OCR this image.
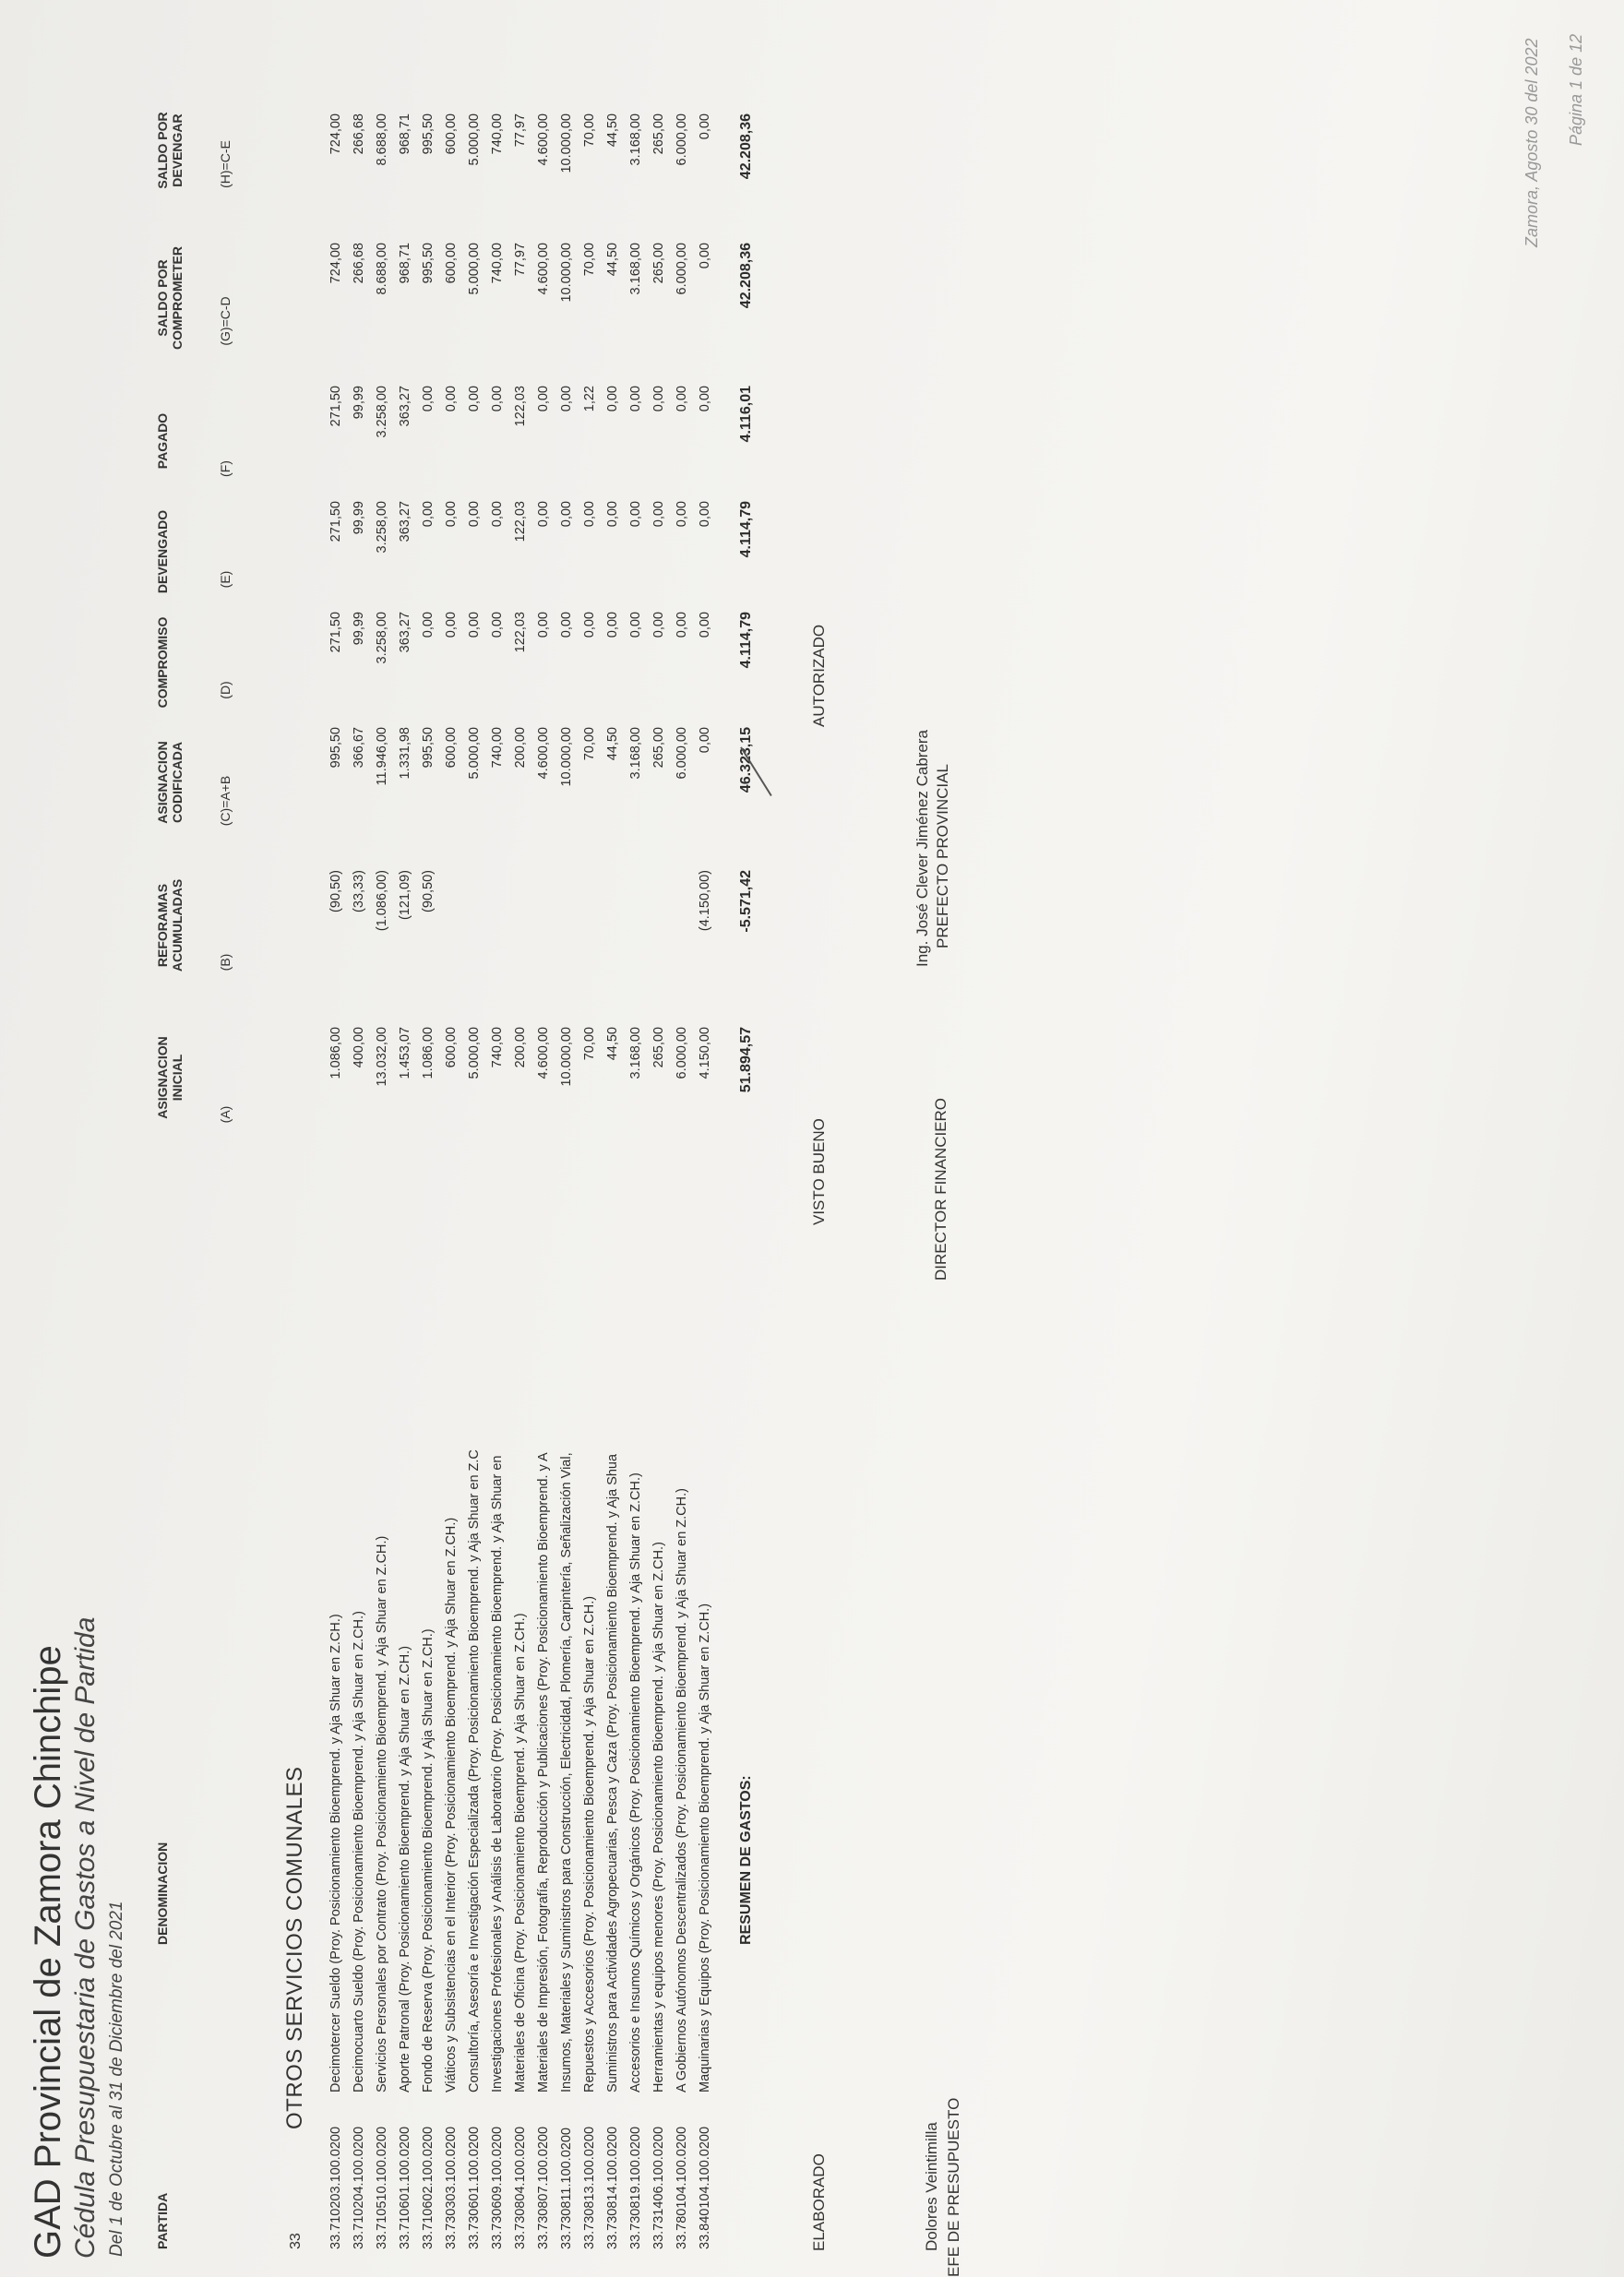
GAD Provincial de Zamora Chinchipe Cédula Presupuestaria de Gastos a Nivel de Partida Del 1 de Octubre al 31 de Diciembre del 2021
Página 1 de 12
Zamora, Agosto 30 del 2022
PARTIDA
DENOMINACION
ASIGNACION INICIAL
REFORAMAS ACUMULADAS
ASIGNACION CODIFICADA
COMPROMISO
DEVENGADO
PAGADO
SALDO POR COMPROMETER
SALDO POR DEVENGAR
(A)
(B)
(C)=A+B
(D)
(E)
(F)
(G)=C-D
(H)=C-E
33
OTROS SERVICIOS COMUNALES
33.710203.100.0200
Decimotercer Sueldo (Proy. Posicionamiento Bioemprend. y Aja Shuar en Z.CH.)
1.086,00
(90,50)
995,50
271,50
271,50
271,50
724,00
724,00
33.710204.100.0200
Decimocuarto Sueldo (Proy. Posicionamiento Bioemprend. y Aja Shuar en Z.CH.)
400,00
(33,33)
366,67
99,99
99,99
99,99
266,68
266,68
33.710510.100.0200
Servicios Personales por Contrato (Proy. Posicionamiento Bioemprend. y Aja Shuar en Z.CH.)
13.032,00
(1.086,00)
11.946,00
3.258,00
3.258,00
3.258,00
8.688,00
8.688,00
33.710601.100.0200
Aporte Patronal (Proy. Posicionamiento Bioemprend. y Aja Shuar en Z.CH.)
1.453,07
(121,09)
1.331,98
363,27
363,27
363,27
968,71
968,71
33.710602.100.0200
Fondo de Reserva (Proy. Posicionamiento Bioemprend. y Aja Shuar en Z.CH.)
1.086,00
(90,50)
995,50
0,00
0,00
0,00
995,50
995,50
33.730303.100.0200
Viáticos y Subsistencias en el Interior (Proy. Posicionamiento Bioemprend. y Aja Shuar en Z.CH.)
600,00
600,00
0,00
0,00
0,00
600,00
600,00
33.730601.100.0200
Consultoría, Asesoría e Investigación Especializada (Proy. Posicionamiento Bioemprend. y Aja Shuar en Z.C
5.000,00
5.000,00
0,00
0,00
0,00
5.000,00
5.000,00
33.730609.100.0200
Investigaciones Profesionales y Análisis de Laboratorio (Proy. Posicionamiento Bioemprend. y Aja Shuar en
740,00
740,00
0,00
0,00
0,00
740,00
740,00
33.730804.100.0200
Materiales de Oficina (Proy. Posicionamiento Bioemprend. y Aja Shuar en Z.CH.)
200,00
200,00
122,03
122,03
122,03
77,97
77,97
33.730807.100.0200
Materiales de Impresión, Fotografía, Reproducción y Publicaciones (Proy. Posicionamiento Bioemprend. y A
4.600,00
4.600,00
0,00
0,00
0,00
4.600,00
4.600,00
33.730811.100.0200
Insumos, Materiales y Suministros para Construcción, Electricidad, Plomería, Carpintería, Señalización Vial,
10.000,00
10.000,00
0,00
0,00
0,00
10.000,00
10.000,00
33.730813.100.0200
Repuestos y Accesorios (Proy. Posicionamiento Bioemprend. y Aja Shuar en Z.CH.)
70,00
70,00
0,00
0,00
1,22
70,00
70,00
33.730814.100.0200
Suministros para Actividades Agropecuarias, Pesca y Caza (Proy. Posicionamiento Bioemprend. y Aja Shua
44,50
44,50
0,00
0,00
0,00
44,50
44,50
33.730819.100.0200
Accesorios e Insumos Químicos y Orgánicos (Proy. Posicionamiento Bioemprend. y Aja Shuar en Z.CH.)
3.168,00
3.168,00
0,00
0,00
0,00
3.168,00
3.168,00
33.731406.100.0200
Herramientas y equipos menores (Proy. Posicionamiento Bioemprend. y Aja Shuar en Z.CH.)
265,00
265,00
0,00
0,00
0,00
265,00
265,00
33.780104.100.0200
A Gobiernos Autónomos Descentralizados (Proy. Posicionamiento Bioemprend. y Aja Shuar en Z.CH.)
6.000,00
6.000,00
0,00
0,00
0,00
6.000,00
6.000,00
33.840104.100.0200
Maquinarias y Equipos (Proy. Posicionamiento Bioemprend. y Aja Shuar en Z.CH.)
4.150,00
(4.150,00)
0,00
0,00
0,00
0,00
0,00
0,00
RESUMEN DE GASTOS:
51.894,57
-5.571,42
46.323,15
4.114,79
4.114,79
4.116,01
42.208,36
42.208,36
ELABORADO
VISTO BUENO
AUTORIZADO
Dolores Veintimilla EFE DE PRESUPUESTO
DIRECTOR FINANCIERO
Ing. José Clever Jiménez Cabrera PREFECTO PROVINCIAL
